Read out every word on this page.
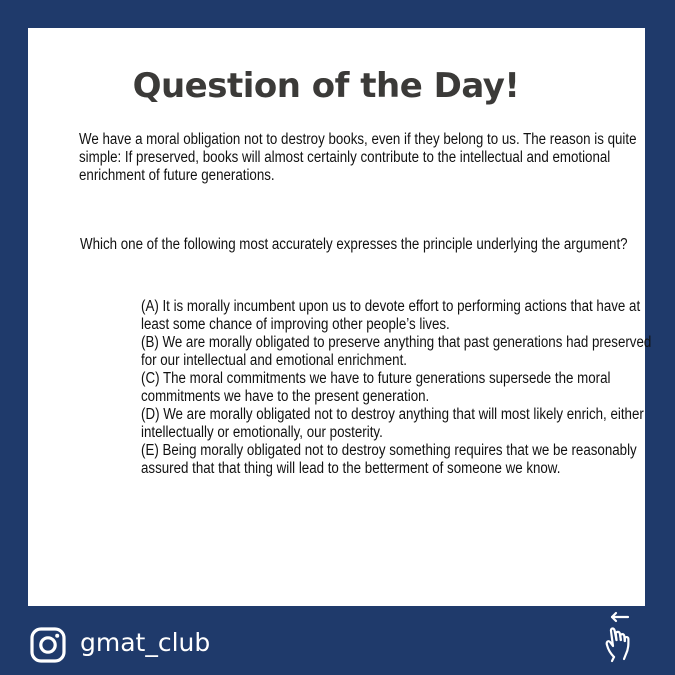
Question of the Day!
We have a moral obligation not to destroy books, even if they belong to us. The reason is quite simple: If preserved, books will almost certainly contribute to the intellectual and emotional enrichment of future generations.
Which one of the following most accurately expresses the principle underlying the argument?
(A) It is morally incumbent upon us to devote effort to performing actions that have at least some chance of improving other people’s lives.
(B) We are morally obligated to preserve anything that past generations had preserved for our intellectual and emotional enrichment.
(C) The moral commitments we have to future generations supersede the moral commitments we have to the present generation.
(D) We are morally obligated not to destroy anything that will most likely enrich, either intellectually or emotionally, our posterity.
(E) Being morally obligated not to destroy something requires that we be reasonably assured that that thing will lead to the betterment of someone we know.
gmat_club
